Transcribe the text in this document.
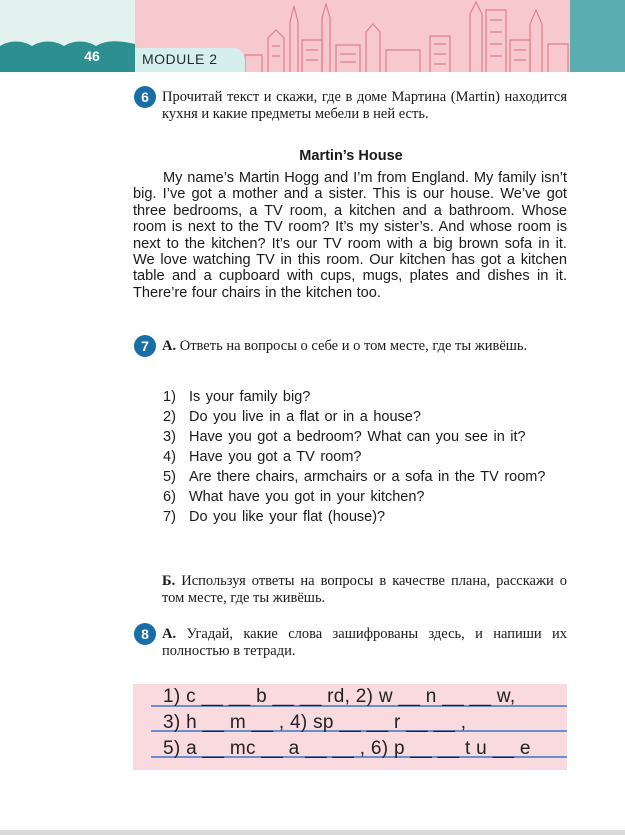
46	MODULE 2
6 Прочитай текст и скажи, где в доме Мартина (Martin) находится кухня и какие предметы мебели в ней есть.
Martin’s House

My name’s Martin Hogg and I’m from England. My family isn’t big. I’ve got a mother and a sister. This is our house. We’ve got three bedrooms, a TV room, a kitchen and a bathroom. Whose room is next to the TV room? It’s my sister’s. And whose room is next to the kitchen? It’s our TV room with a big brown sofa in it. We love watching TV in this room. Our kitchen has got a kitchen table and a cupboard with cups, mugs, plates and dishes in it. There’re four chairs in the kitchen too.

7 А. Ответь на вопросы о себе и о том месте, где ты живёшь.
1) Is your family big?
2) Do you live in a flat or in a house?
3) Have you got a bedroom? What can you see in it?
4) Have you got a TV room?
5) Are there chairs, armchairs or a sofa in the TV room?
6) What have you got in your kitchen?
7) Do you like your flat (house)?
Б. Используя ответы на вопросы в качестве плана, расскажи о том месте, где ты живёшь.
8 А. Угадай, какие слова зашифрованы здесь, и напиши их полностью в тетради.
1) c __ __ b __ __ rd, 2) w __ n __ __ w,
3) h __ m __ , 4) sp __ __ r __ __ ,
5) a __ mc __ a __ __ , 6) p __ __ t u __ e
